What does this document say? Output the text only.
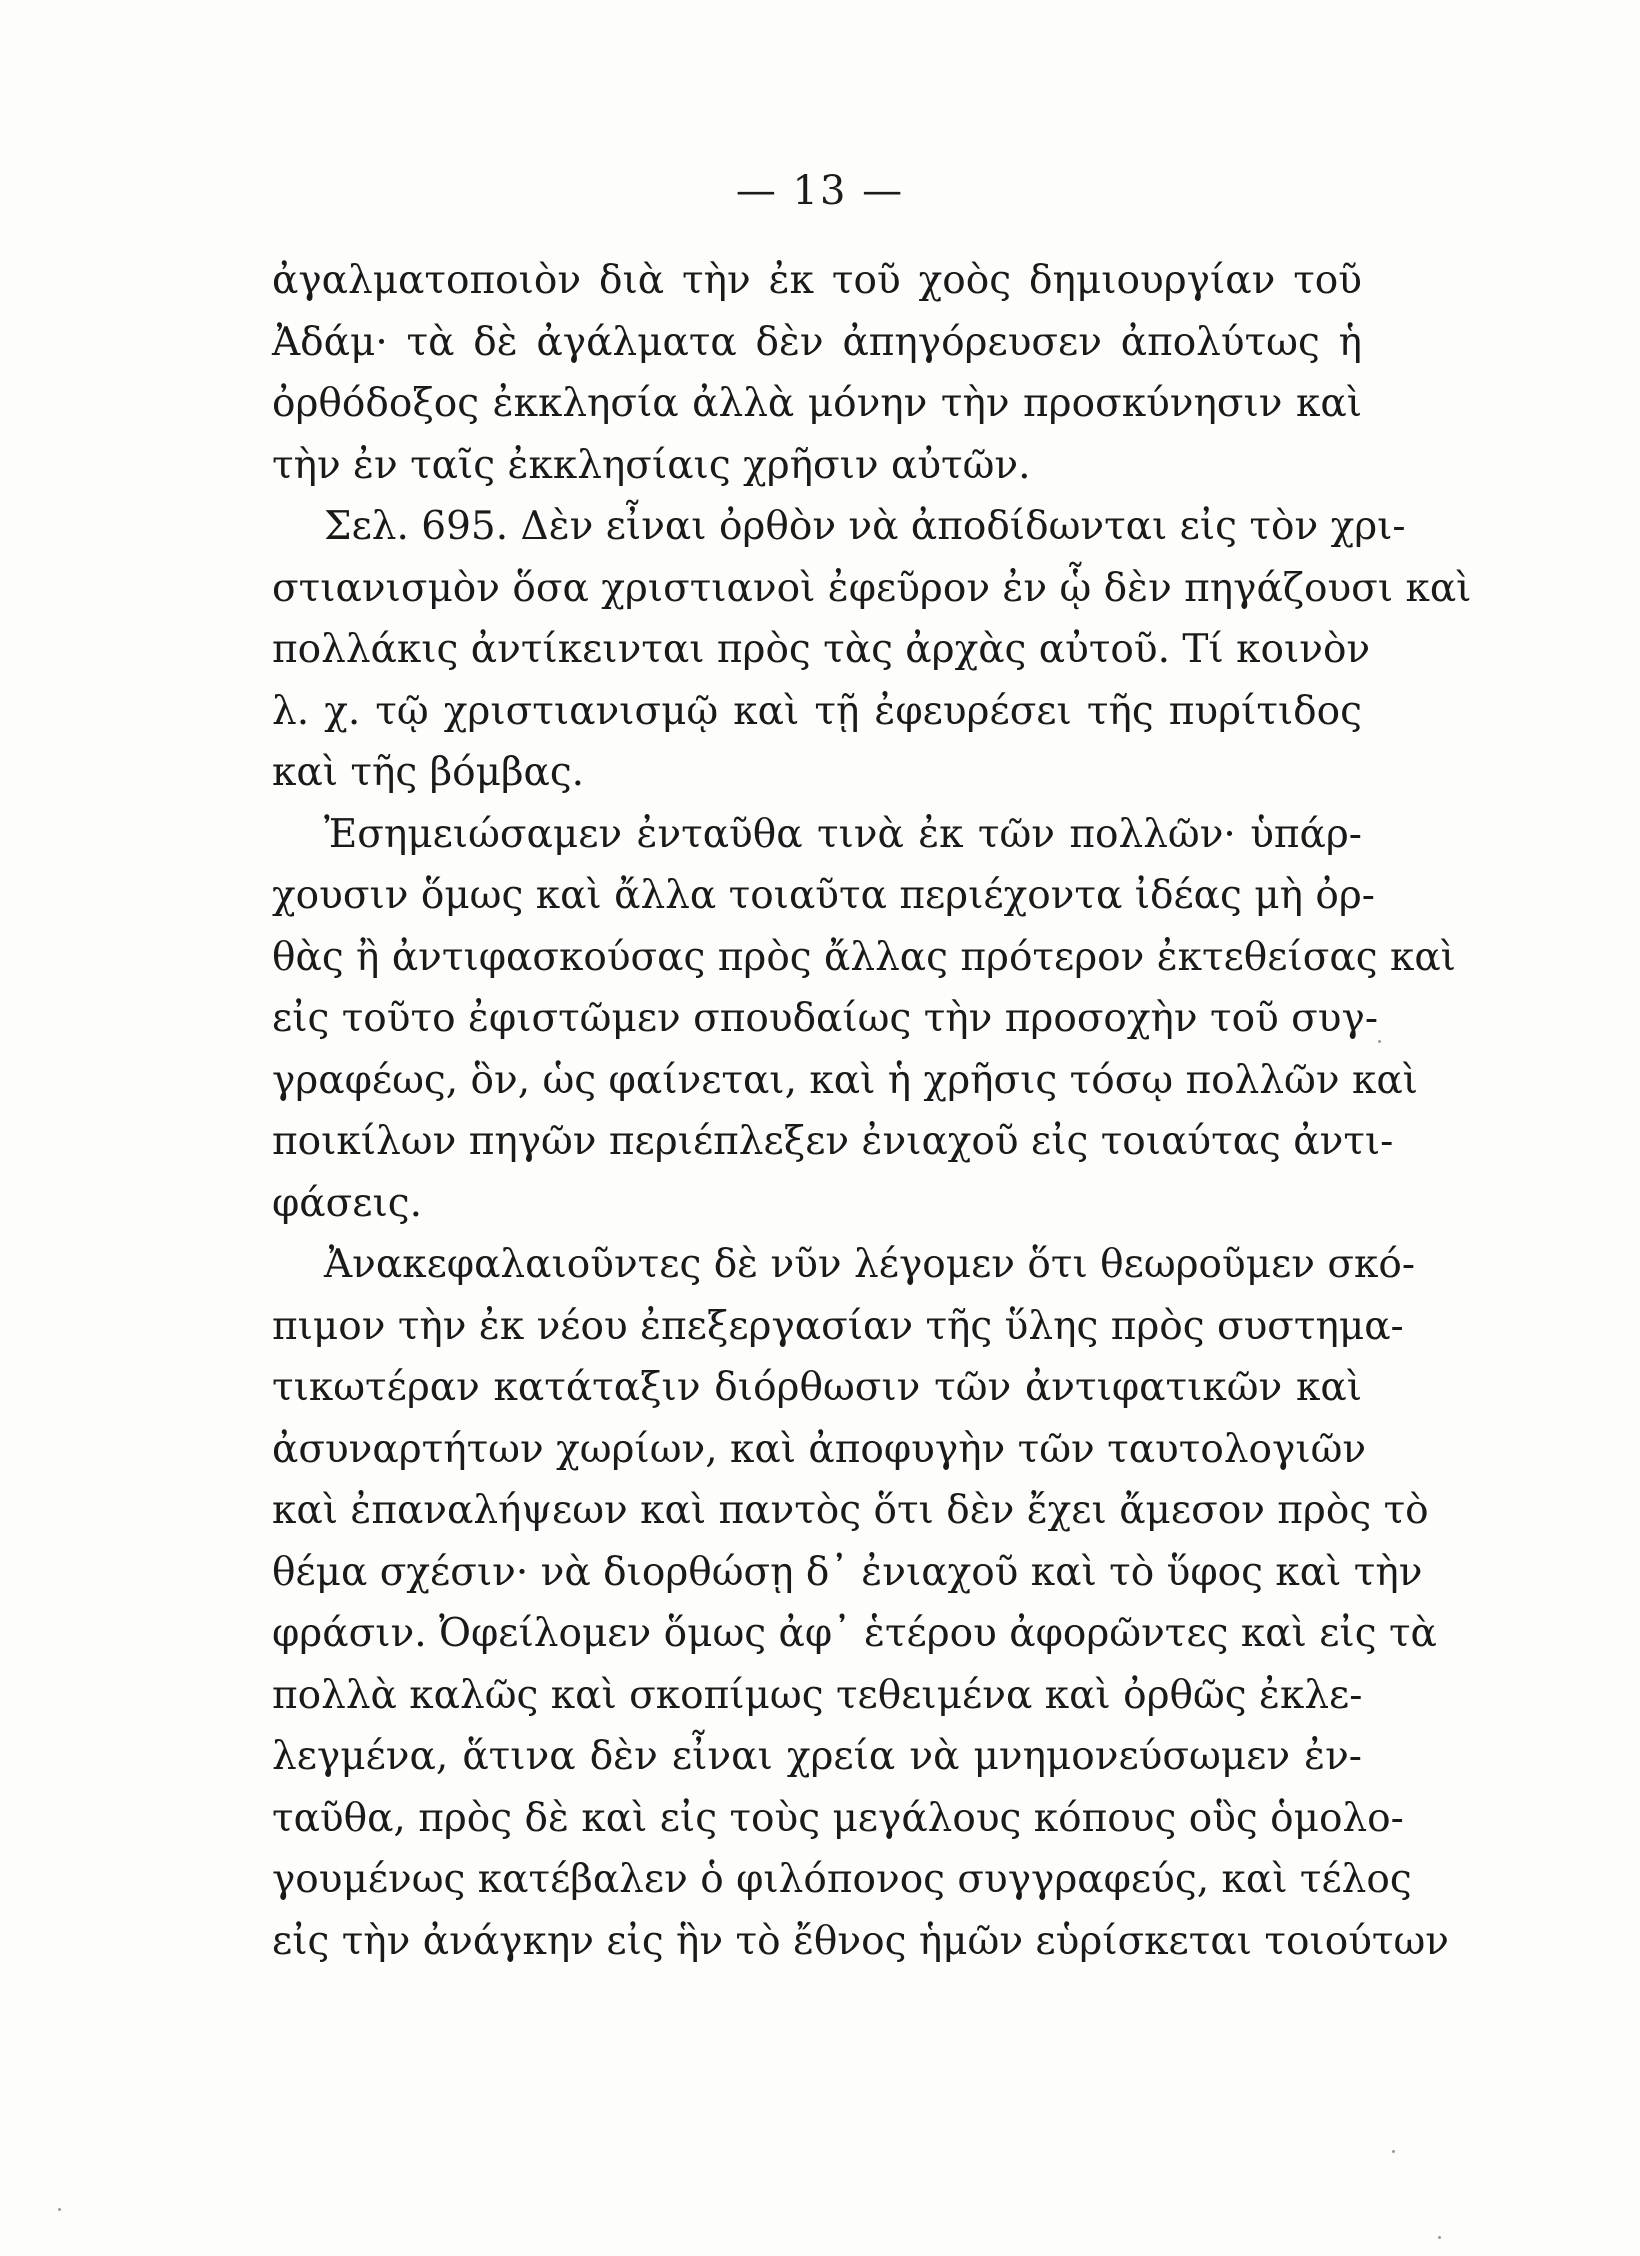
— 13 —
ἀγαλματοποιὸν διὰ τὴν ἐκ τοῦ χοὸς δημιουργίαν τοῦ
Ἀδάμ· τὰ δὲ ἀγάλματα δὲν ἀπηγόρευσεν ἀπολύτως ἡ
ὀρθόδοξος ἐκκλησία ἀλλὰ μόνην τὴν προσκύνησιν καὶ
τὴν ἐν ταῖς ἐκκλησίαις χρῆσιν αὐτῶν.
Σελ. 695. Δὲν εἶναι ὀρθὸν νὰ ἀποδίδωνται εἰς τὸν χρι-
στιανισμὸν ὅσα χριστιανοὶ ἐφεῦρον ἐν ᾧ δὲν πηγάζουσι καὶ
πολλάκις ἀντίκεινται πρὸς τὰς ἀρχὰς αὐτοῦ. Τί κοινὸν
λ. χ. τῷ χριστιανισμῷ καὶ τῇ ἐφευρέσει τῆς πυρίτιδος
καὶ τῆς βόμβας.
Ἐσημειώσαμεν ἐνταῦθα τινὰ ἐκ τῶν πολλῶν· ὑπάρ-
χουσιν ὅμως καὶ ἄλλα τοιαῦτα περιέχοντα ἰδέας μὴ ὀρ-
θὰς ἢ ἀντιφασκούσας πρὸς ἄλλας πρότερον ἐκτεθείσας καὶ
εἰς τοῦτο ἐφιστῶμεν σπουδαίως τὴν προσοχὴν τοῦ συγ-
γραφέως, ὃν, ὡς φαίνεται, καὶ ἡ χρῆσις τόσῳ πολλῶν καὶ
ποικίλων πηγῶν περιέπλεξεν ἐνιαχοῦ εἰς τοιαύτας ἀντι-
φάσεις.
Ἀνακεφαλαιοῦντες δὲ νῦν λέγομεν ὅτι θεωροῦμεν σκό-
πιμον τὴν ἐκ νέου ἐπεξεργασίαν τῆς ὕλης πρὸς συστημα-
τικωτέραν κατάταξιν διόρθωσιν τῶν ἀντιφατικῶν καὶ
ἀσυναρτήτων χωρίων, καὶ ἀποφυγὴν τῶν ταυτολογιῶν
καὶ ἐπαναλήψεων καὶ παντὸς ὅτι δὲν ἔχει ἄμεσον πρὸς τὸ
θέμα σχέσιν· νὰ διορθώσῃ δ᾽ ἐνιαχοῦ καὶ τὸ ὕφος καὶ τὴν
φράσιν. Ὀφείλομεν ὅμως ἀφ᾽ ἑτέρου ἀφορῶντες καὶ εἰς τὰ
πολλὰ καλῶς καὶ σκοπίμως τεθειμένα καὶ ὀρθῶς ἐκλε-
λεγμένα, ἅτινα δὲν εἶναι χρεία νὰ μνημονεύσωμεν ἐν-
ταῦθα, πρὸς δὲ καὶ εἰς τοὺς μεγάλους κόπους οὓς ὁμολο-
γουμένως κατέβαλεν ὁ φιλόπονος συγγραφεύς, καὶ τέλος
εἰς τὴν ἀνάγκην εἰς ἣν τὸ ἔθνος ἡμῶν εὑρίσκεται τοιούτων
